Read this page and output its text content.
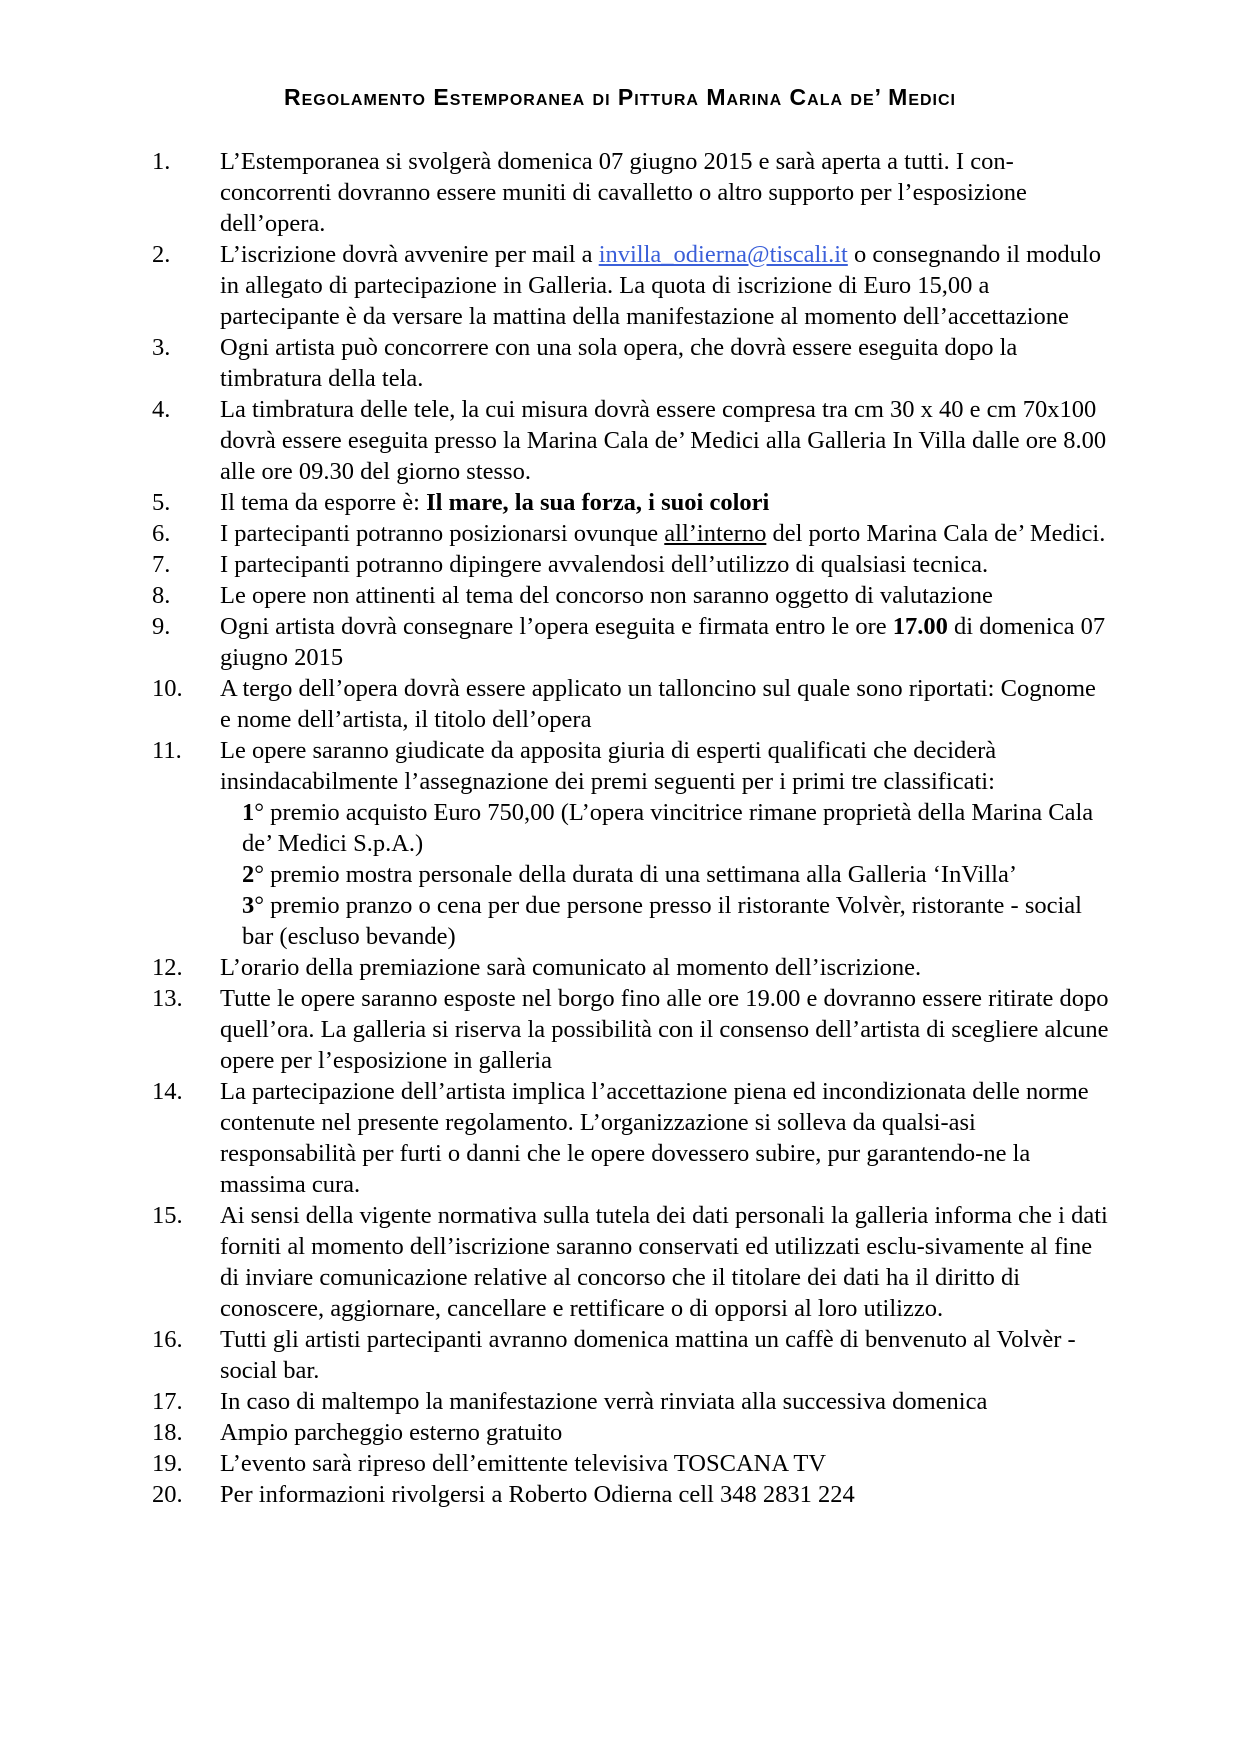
Regolamento Estemporanea di Pittura Marina Cala de’ Medici
1.	L’Estemporanea si svolgerà domenica 07 giugno 2015 e sarà aperta a tutti. I con-concorrenti dovranno essere muniti di cavalletto o altro supporto per l’esposizione dell’opera.
2.	L’iscrizione dovrà avvenire per mail a invilla_odierna@tiscali.it o consegnando il modulo in allegato di partecipazione in Galleria. La quota di iscrizione di Euro 15,00 a partecipante è da versare la mattina della manifestazione al momento dell’accettazione
3.	Ogni artista può concorrere con una sola opera, che dovrà essere eseguita dopo la timbratura della tela.
4.	La timbratura delle tele, la cui misura dovrà essere compresa tra cm 30 x 40 e cm 70x100 dovrà essere eseguita presso la Marina Cala de’ Medici alla Galleria In Villa dalle ore 8.00 alle ore 09.30 del giorno stesso.
5.	Il tema da esporre è: Il mare, la sua forza, i suoi colori
6.	I partecipanti potranno posizionarsi ovunque all’interno del porto Marina Cala de’ Medici.
7.	I partecipanti potranno dipingere avvalendosi dell’utilizzo di qualsiasi tecnica.
8.	Le opere non attinenti al tema del concorso non saranno oggetto di valutazione
9.	Ogni artista dovrà consegnare l’opera eseguita e firmata entro le ore 17.00 di domenica 07 giugno 2015
10.	A tergo dell’opera dovrà essere applicato un talloncino sul quale sono riportati: Cognome e nome dell’artista, il titolo dell’opera
11.	Le opere saranno giudicate da apposita giuria di esperti qualificati che deciderà insindacabilmente l’assegnazione dei premi seguenti per i primi tre classificati:
1° premio acquisto Euro 750,00 (L’opera vincitrice rimane proprietà della Marina Cala de’ Medici S.p.A.)
2° premio mostra personale della durata di una settimana alla Galleria ‘InVilla’
3° premio pranzo o cena per due persone presso il ristorante Volvèr, ristorante - social bar (escluso bevande)
12.	L’orario della premiazione sarà comunicato al momento dell’iscrizione.
13.	Tutte le opere saranno esposte nel borgo fino alle ore 19.00 e dovranno essere ritirate dopo quell’ora. La galleria si riserva la possibilità con il consenso dell’artista di scegliere alcune opere per l’esposizione in galleria
14.	La partecipazione dell’artista implica l’accettazione piena ed incondizionata delle norme contenute nel presente regolamento. L’organizzazione si solleva da qualsi-asi responsabilità per furti o danni che le opere dovessero subire, pur garantendo-ne la massima cura.
15.	Ai sensi della vigente normativa sulla tutela dei dati personali la galleria informa che i dati forniti al momento dell’iscrizione saranno conservati ed utilizzati esclu-sivamente al fine di inviare comunicazione relative al concorso che il titolare dei dati ha il diritto di conoscere, aggiornare, cancellare e rettificare o di opporsi al loro utilizzo.
16.	Tutti gli artisti partecipanti avranno domenica mattina un caffè di benvenuto al Volvèr - social bar.
17.	In caso di maltempo la manifestazione verrà rinviata alla successiva domenica
18.	Ampio parcheggio esterno gratuito
19.	L’evento sarà ripreso dell’emittente televisiva TOSCANA TV
20.	Per informazioni rivolgersi a Roberto Odierna cell 348 2831 224
